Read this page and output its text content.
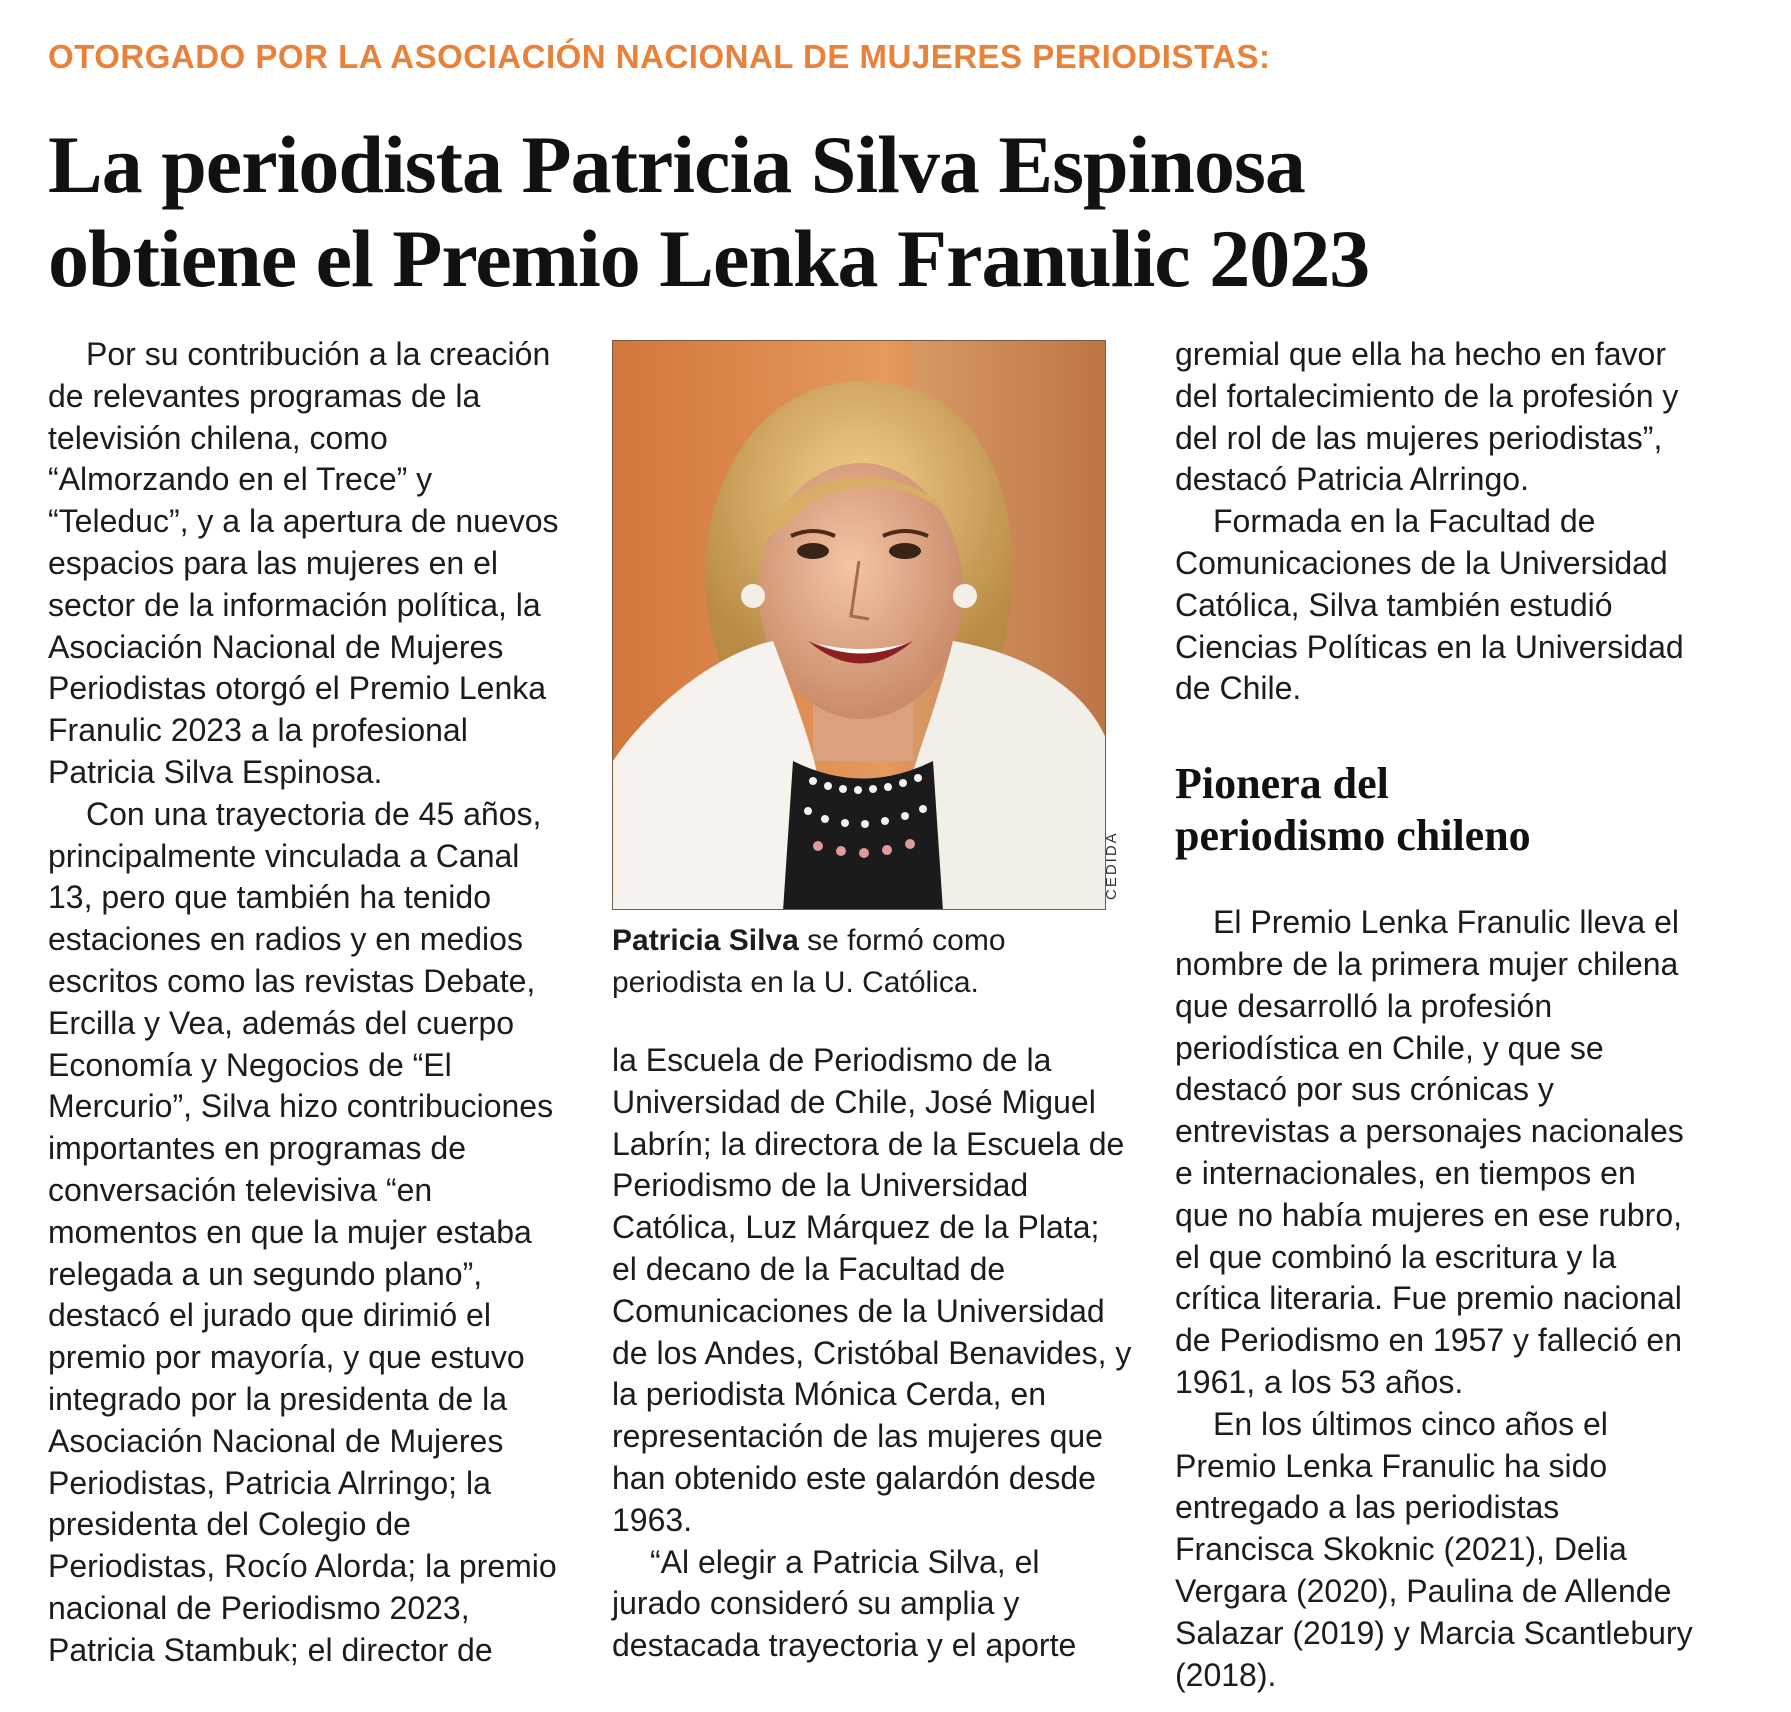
OTORGADO POR LA ASOCIACIÓN NACIONAL DE MUJERES PERIODISTAS:
La periodista Patricia Silva Espinosa
obtiene el Premio Lenka Franulic 2023

Por su contribución a la creación de relevantes programas de la televisión chilena, como “Almorzando en el Trece” y “Teleduc”, y a la apertura de nuevos espacios para las mujeres en el sector de la información política, la Asociación Nacional de Mujeres Periodistas otorgó el Premio Lenka Franulic 2023 a la profesional Patricia Silva Espinosa.

Con una trayectoria de 45 años, principalmente vinculada a Canal 13, pero que también ha tenido estaciones en radios y en medios escritos como las revistas Debate, Ercilla y Vea, además del cuerpo Economía y Negocios de “El Mercurio”, Silva hizo contribuciones importantes en programas de conversación televisiva “en momentos en que la mujer estaba relegada a un segundo plano”, destacó el jurado que dirimió el premio por mayoría, y que estuvo integrado por la presidenta de la Asociación Nacional de Mujeres Periodistas, Patricia Alrringo; la presidenta del Colegio de Periodistas, Rocío Alorda; la premio nacional de Periodismo 2023, Patricia Stambuk; el director de

CEDIDA
Patricia Silva se formó como periodista en la U. Católica.

la Escuela de Periodismo de la Universidad de Chile, José Miguel Labrín; la directora de la Escuela de Periodismo de la Universidad Católica, Luz Márquez de la Plata; el decano de la Facultad de Comunicaciones de la Universidad de los Andes, Cristóbal Benavides, y la periodista Mónica Cerda, en representación de las mujeres que han obtenido este galardón desde 1963.

“Al elegir a Patricia Silva, el jurado consideró su amplia y destacada trayectoria y el aporte

gremial que ella ha hecho en favor del fortalecimiento de la profesión y del rol de las mujeres periodistas”, destacó Patricia Alrringo.

Formada en la Facultad de Comunicaciones de la Universidad Católica, Silva también estudió Ciencias Políticas en la Universidad de Chile.

Pionera del
periodismo chileno

El Premio Lenka Franulic lleva el nombre de la primera mujer chilena que desarrolló la profesión periodística en Chile, y que se destacó por sus crónicas y entrevistas a personajes nacionales e internacionales, en tiempos en que no había mujeres en ese rubro, el que combinó la escritura y la crítica literaria. Fue premio nacional de Periodismo en 1957 y falleció en 1961, a los 53 años.

En los últimos cinco años el Premio Lenka Franulic ha sido entregado a las periodistas Francisca Skoknic (2021), Delia Vergara (2020), Paulina de Allende Salazar (2019) y Marcia Scantlebury (2018).
